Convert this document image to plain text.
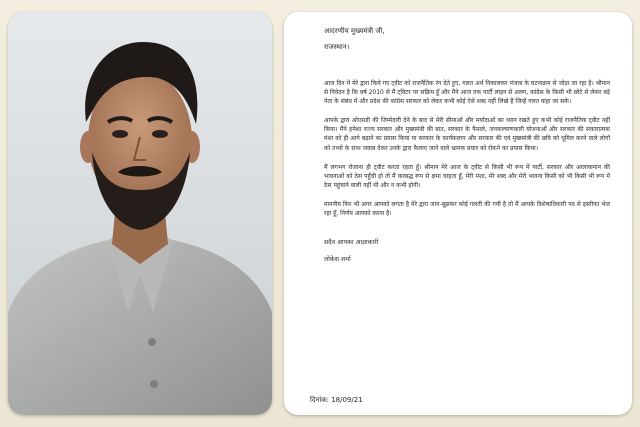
आदरणीय मुख्यमंत्री जी,

राजस्थान।

आज दिन में मेरे द्वारा किये गए ट्वीट को राजनैतिक रंग देते हुए, गलत अर्थ निकालकर पंजाब के घटनाक्रम से जोड़ा जा रहा है। श्रीमान से निवेदन है कि वर्ष 2010 से मैं ट्विटर पर सक्रिय हूँ और मैंने आज तक पार्टी लाइन से अलग, कांग्रेस के किसी भी छोटे से लेकर बड़े नेता के संबंध में और प्रदेश की कांग्रेस सरकार को लेकर कभी कोई ऐसे शब्द नहीं लिखे हैं जिन्हें गलत कहा जा सके।

आपके द्वारा ओएसडी की जिम्मेदारी देने के बाद से मेरी सीमाओं और मर्यादाओं का ध्यान रखते हुए कभी कोई राजनैतिक ट्वीट नहीं किया। मैंने हमेशा राज्य सरकार और मुख्यमंत्री की बात, सरकार के फैसले, जनकल्याणकारी योजनाओं और सरकार की सकारात्मक मंशा को ही आगे बढ़ाने का प्रयास किया या सरकार के कार्यकलाप और सरकार की एवं मुख्यमंत्री की छवि को धूमिल करने वाले लोगों को तथ्यों के साथ जवाब देकर उनके द्वारा फैलाए जाने वाले भ्रामक प्रचार को रोकने का प्रयास किया।

मैं लगभग रोजाना ही ट्वीट करता रहता हूँ। श्रीमान मेरे आज के ट्वीट से किसी भी रूप में पार्टी, सरकार और आलाकमान की भावनाओं को ठेस पहुँची हो तो मैं करबद्ध रूप से क्षमा चाहता हूँ, मेरी मंशा, मेरे शब्द और मेरी भावना किसी को भी किसी भी रूप में ठेस पहुंचाने वाली नहीं थी और न कभी होगी।

माननीय फिर भी अगर आपको लगता है मेरे द्वारा जान-बूझकर कोई गलती की गयी है तो मैं आपके विशेषाधिकारी पद से इस्तीफा भेज रहा हूँ, निर्णय आपको करना है।

सदैव आपका आज्ञाकारी

लोकेश शर्मा

दिनांक: 18/09/21
